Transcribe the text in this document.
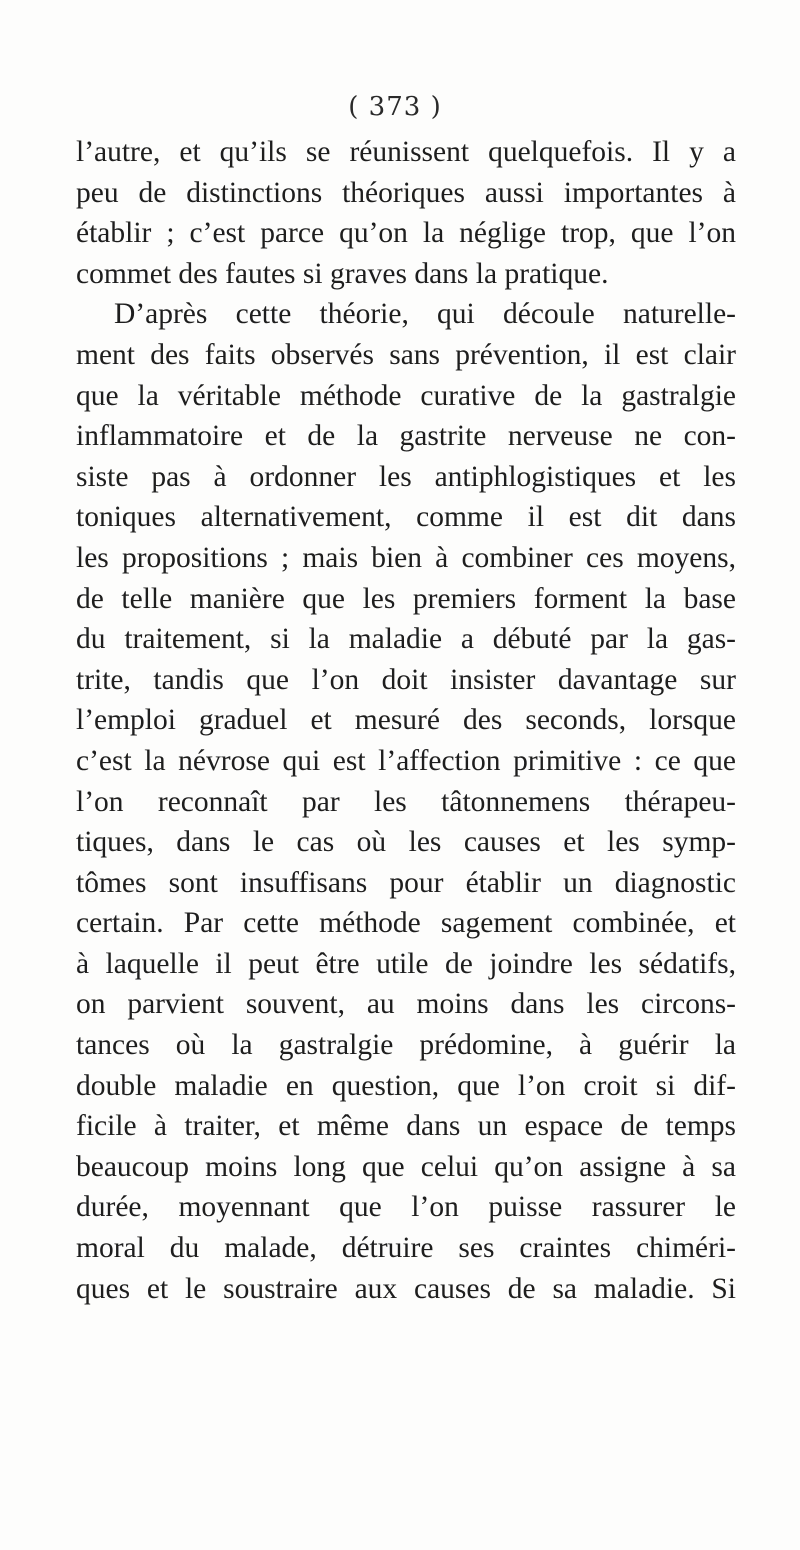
( 373 )
l’autre, et qu’ils se réunissent quelquefois. Il y a
peu de distinctions théoriques aussi importantes à
établir ; c’est parce qu’on la néglige trop, que l’on
commet des fautes si graves dans la pratique.
D’après cette théorie, qui découle naturelle-
ment des faits observés sans prévention, il est clair
que la véritable méthode curative de la gastralgie
inflammatoire et de la gastrite nerveuse ne con-
siste pas à ordonner les antiphlogistiques et les
toniques alternativement, comme il est dit dans
les propositions ; mais bien à combiner ces moyens,
de telle manière que les premiers forment la base
du traitement, si la maladie a débuté par la gas-
trite, tandis que l’on doit insister davantage sur
l’emploi graduel et mesuré des seconds, lorsque
c’est la névrose qui est l’affection primitive : ce que
l’on reconnaît par les tâtonnemens thérapeu-
tiques, dans le cas où les causes et les symp-
tômes sont insuffisans pour établir un diagnostic
certain. Par cette méthode sagement combinée, et
à laquelle il peut être utile de joindre les sédatifs,
on parvient souvent, au moins dans les circons-
tances où la gastralgie prédomine, à guérir la
double maladie en question, que l’on croit si dif-
ficile à traiter, et même dans un espace de temps
beaucoup moins long que celui qu’on assigne à sa
durée, moyennant que l’on puisse rassurer le
moral du malade, détruire ses craintes chiméri-
ques et le soustraire aux causes de sa maladie. Si
